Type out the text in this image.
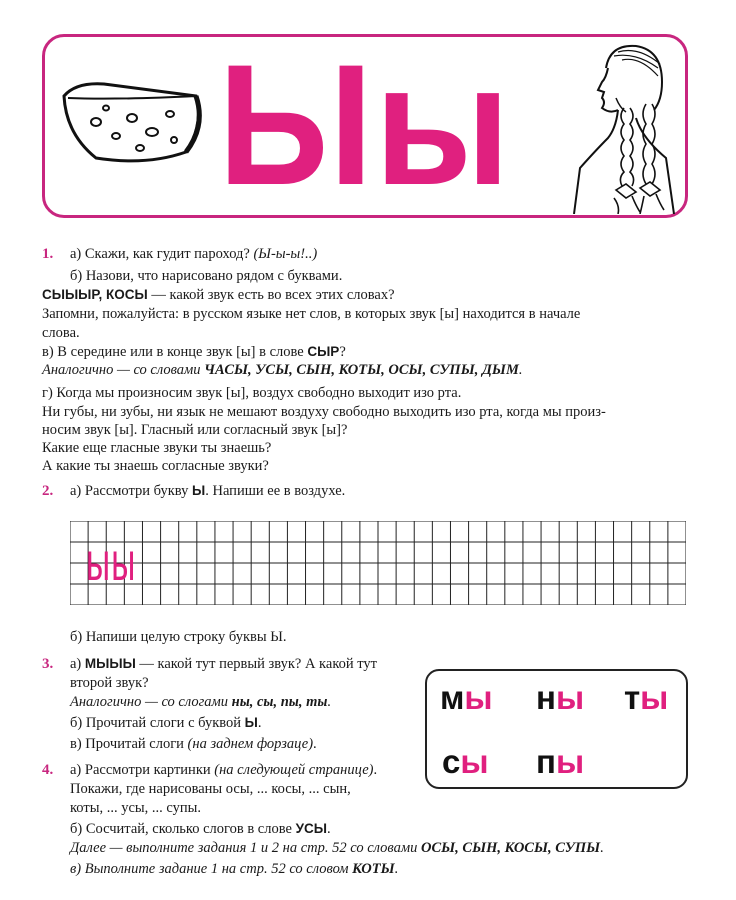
Ыы
1. а) Скажи, как гудит пароход? (Ы-ы-ы!..)
б) Назови, что нарисовано рядом с буквами.
СЫЫЫР, КОСЫ — какой звук есть во всех этих словах?
Запомни, пожалуйста: в русском языке нет слов, в которых звук [ы] находится в начале
слова.
в) В середине или в конце звук [ы] в слове СЫР?
Аналогично — со словами ЧАСЫ, УСЫ, СЫН, КОТЫ, ОСЫ, СУПЫ, ДЫМ.
г) Когда мы произносим звук [ы], воздух свободно выходит изо рта.
Ни губы, ни зубы, ни язык не мешают воздуху свободно выходить изо рта, когда мы произ-
носим звук [ы]. Гласный или согласный звук [ы]?
Какие еще гласные звуки ты знаешь?
А какие ты знаешь согласные звуки?
2. а) Рассмотри букву Ы. Напиши ее в воздухе.
ыы
б) Напиши целую строку буквы Ы.
3. а) МЫЫЫ — какой тут первый звук? А какой тут
второй звук?
Аналогично — со слогами ны, сы, пы, ты.
б) Прочитай слоги с буквой Ы.
в) Прочитай слоги (на заднем форзаце).
мы ны ты
сы пы
4. а) Рассмотри картинки (на следующей странице).
Покажи, где нарисованы осы, ... косы, ... сын,
коты, ... усы, ... супы.
б) Сосчитай, сколько слогов в слове УСЫ.
Далее — выполните задания 1 и 2 на стр. 52 со словами ОСЫ, СЫН, КОСЫ, СУПЫ.
в) Выполните задание 1 на стр. 52 со словом КОТЫ.
